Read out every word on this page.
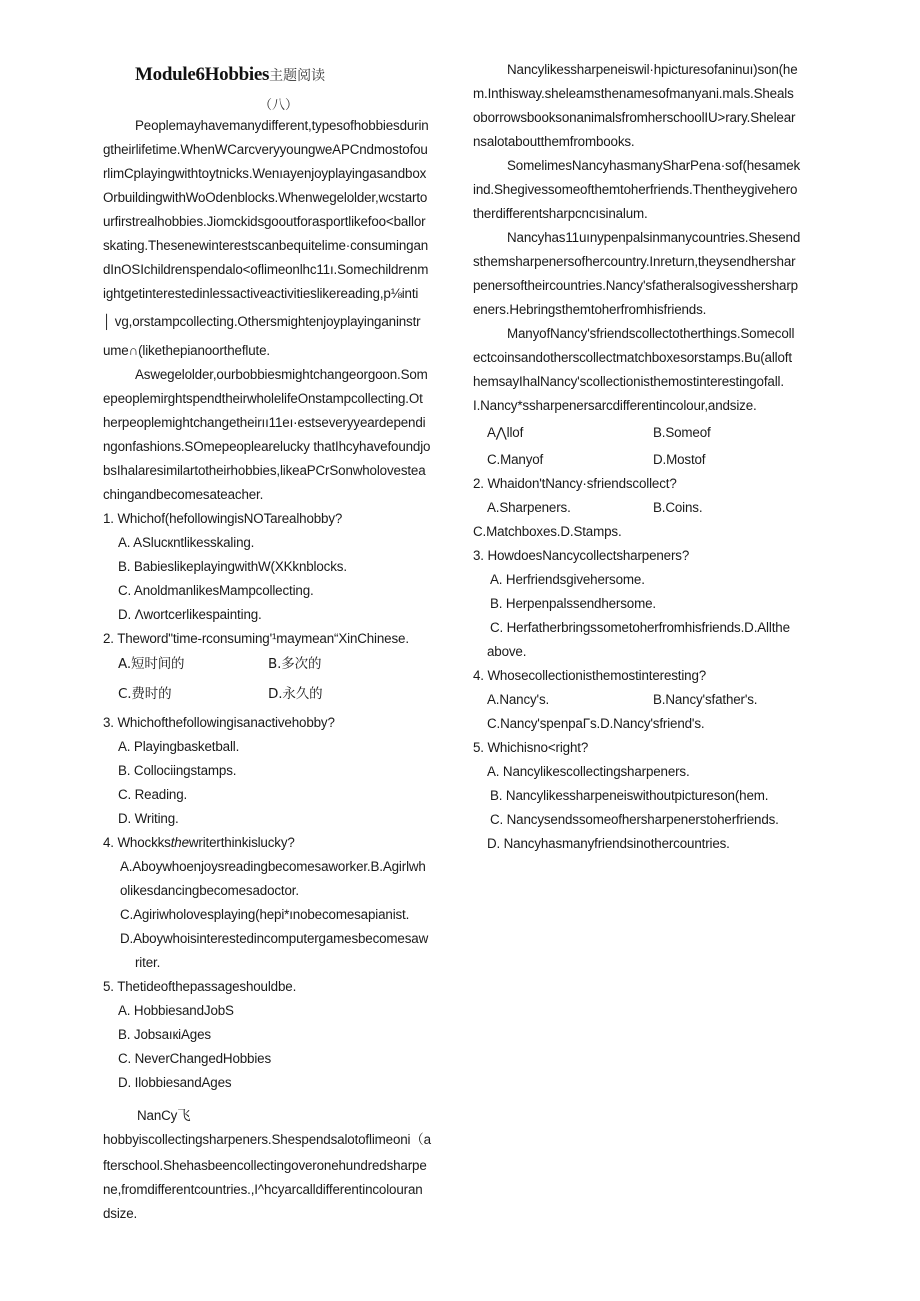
Module6Hobbies主题阅读
（八）
Peoplemayhavemanydifferent,typesofhobbiesdurin
gtheirlifetime.WhenWCarcveryyoungweAPCndmostofou
rlimCplayingwithtoytnicks.Wenıayenjoyplayingasandbox
OrbuildingwithWoOdenblocks.Whenwegelolder,wcstarto
urfirstrealhobbies.Jiomckidsgooutforasportlikefoo<ballor
skating.Thesenewinterestscanbequitelime·consumingan
dInOSIchildrenspendalo<oflimeonlhc11ı.Somechildrenm
ightgetinterestedinlessactiveactivitieslikereading,p⅛inti
│ vg,orstampcollecting.Othersmightenjoyplayinganinstr
ume∩(likethepianoortheflute.
Aswegelolder,ourbobbiesmightchangeorgoon.Som
epeoplemirghtspendtheirwholelifeOnstampcollecting.Ot
herpeoplemightchangetheirıı11eı·estseveryyeardependi
ngonfashions.SOmepeoplearelucky thatIhcyhavefoundjo
bsIhalaresimilartotheirhobbies,likeaPCrSonwholovestea
chingandbecomesateacher.
1. Whichof(hefollowingisNOTarealhobby?
A. ASlucкntlikesskaling.
B. BabieslikeplayingwithW(XKknblocks.
C. AnoldmanlikesMampcollecting.
D. Λwortcerlikespainting.
2. Theword"time-rconsuming'¹maymean“XinChinese.
A.短时间的	B.多次的
C.费时的	D.永久的
3. Whichofthefollowingisanactivehobby?
A. Playingbasketball.
B. Collociingstamps.
C. Reading.
D. Writing.
4. Whockksthewriterthinkislucky?
A.Aboywhoenjoysreadingbecomesaworker.B.Agirlwh
olikesdancingbecomesadoctor.
C.Agiriwholovesplaying(hepi*ınobecomesapianist.
D.Aboywhoisinterestedincomputergamesbecomesaw
riter.
5. Thetideofthepassageshouldbe.
A. HobbiesandJobS
B. JobsaıкiAges
C. NeverChangedHobbies
D. IlobbiesandAges
NanCy飞
hobbyiscollectingsharpeners.Shespendsalotoflimeoni（a
fterschool.Shehasbeencollectingoveronehundredsharpe
ne,fromdifferentcountries.,I^hcyarcalldifferentincolouran
dsize.
Nancylikessharpeneiswil·hpicturesofaninuı)son(he
m.Inthisway.sheleamsthenamesofmanyani.mals.Sheals
oborrowsbooksonanimalsfromherschoolIU>rary.Shelear
nsalotaboutthemfrombooks.
SomelimesNancyhasmanySharPena·sof(hesamek
ind.Shegivessomeofthemtoherfriends.Thentheygivehero
therdifferentsharpcncısinalum.
Nancyhas11uınypenpalsinmanycountries.Shesend
sthemsharpenersofhercountry.Inreturn,theysendhershar
penersoftheircountries.Nancy'sfatheralsogivesshersharp
eners.Hebringsthemtoherfromhisfriends.
ManyofNancy'sfriendscollectotherthings.Somecoll
ectcoinsandotherscollectmatchboxesorstamps.Bu(alloft
hemsayIhalNancy'scollectionisthemostinterestingofall.
I.Nancy*ssharpenersarcdifferentincolour,andsize.
A⋀llof	B.Someof
C.Manyof	D.Mostof
2. Whaidon'tNancy·sfriendscollect?
A.Sharpeners.	B.Coins.
C.Matchboxes.D.Stamps.
3. HowdoesNancycollectsharpeners?
A. Herfriendsgivehersome.
B. Herpenpalssendhersome.
C. Herfatherbringssometoherfromhisfriends.D.Allthe
above.
4. Whosecollectionisthemostinteresting?
A.Nancy's.	B.Nancy'sfather's.
C.Nancy'spenpaΓs.D.Nancy'sfriend's.
5. Whichisno<right?
A. Nancylikescollectingsharpeners.
B. Nancylikessharpeneiswithoutpictureson(hem.
C. Nancysendssomeofhersharpenerstoherfriends.
D. Nancyhasmanyfriendsinothercountries.
